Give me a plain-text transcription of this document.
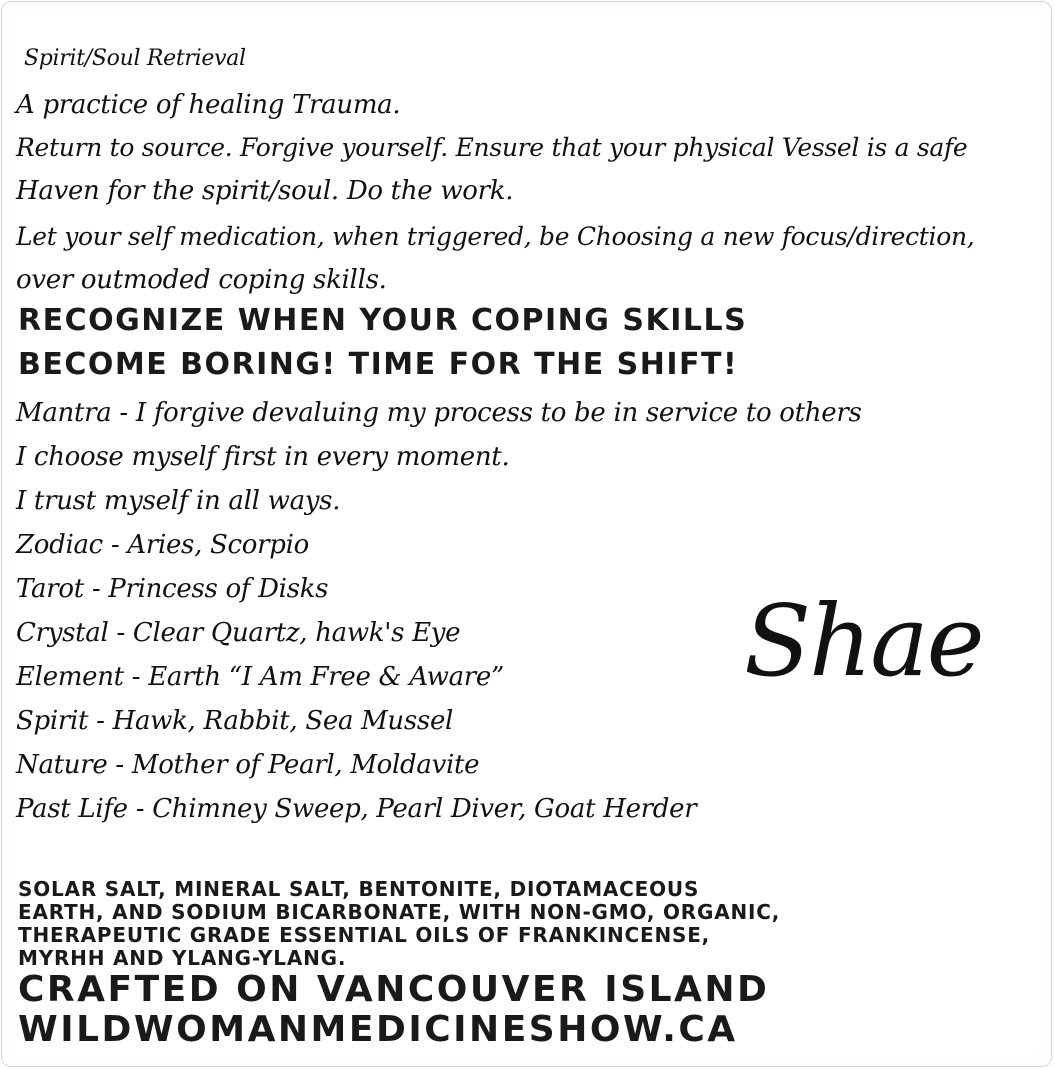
Spirit/Soul Retrieval

A practice of healing Trauma.

Return to source. Forgive yourself. Ensure that your physical Vessel is a safe

Haven for the spirit/soul. Do the work.

Let your self medication, when triggered, be Choosing a new focus/direction,

over outmoded coping skills.

RECOGNIZE WHEN YOUR COPING SKILLS

BECOME BORING! TIME FOR THE SHIFT!

Mantra - I forgive devaluing my process to be in service to others

I choose myself first in every moment.

I trust myself in all ways.

Zodiac - Aries, Scorpio

Tarot - Princess of Disks

Crystal - Clear Quartz, hawk's Eye

Element - Earth “I Am Free & Aware”

Spirit - Hawk, Rabbit, Sea Mussel

Nature - Mother of Pearl, Moldavite

Past Life - Chimney Sweep, Pearl Diver, Goat Herder

Shae

SOLAR SALT, MINERAL SALT, BENTONITE, DIOTAMACEOUS

EARTH, AND SODIUM BICARBONATE, WITH NON-GMO, ORGANIC,

THERAPEUTIC GRADE ESSENTIAL OILS OF FRANKINCENSE,

MYRHH AND YLANG-YLANG.

CRAFTED ON VANCOUVER ISLAND

WILDWOMANMEDICINESHOW.CA
